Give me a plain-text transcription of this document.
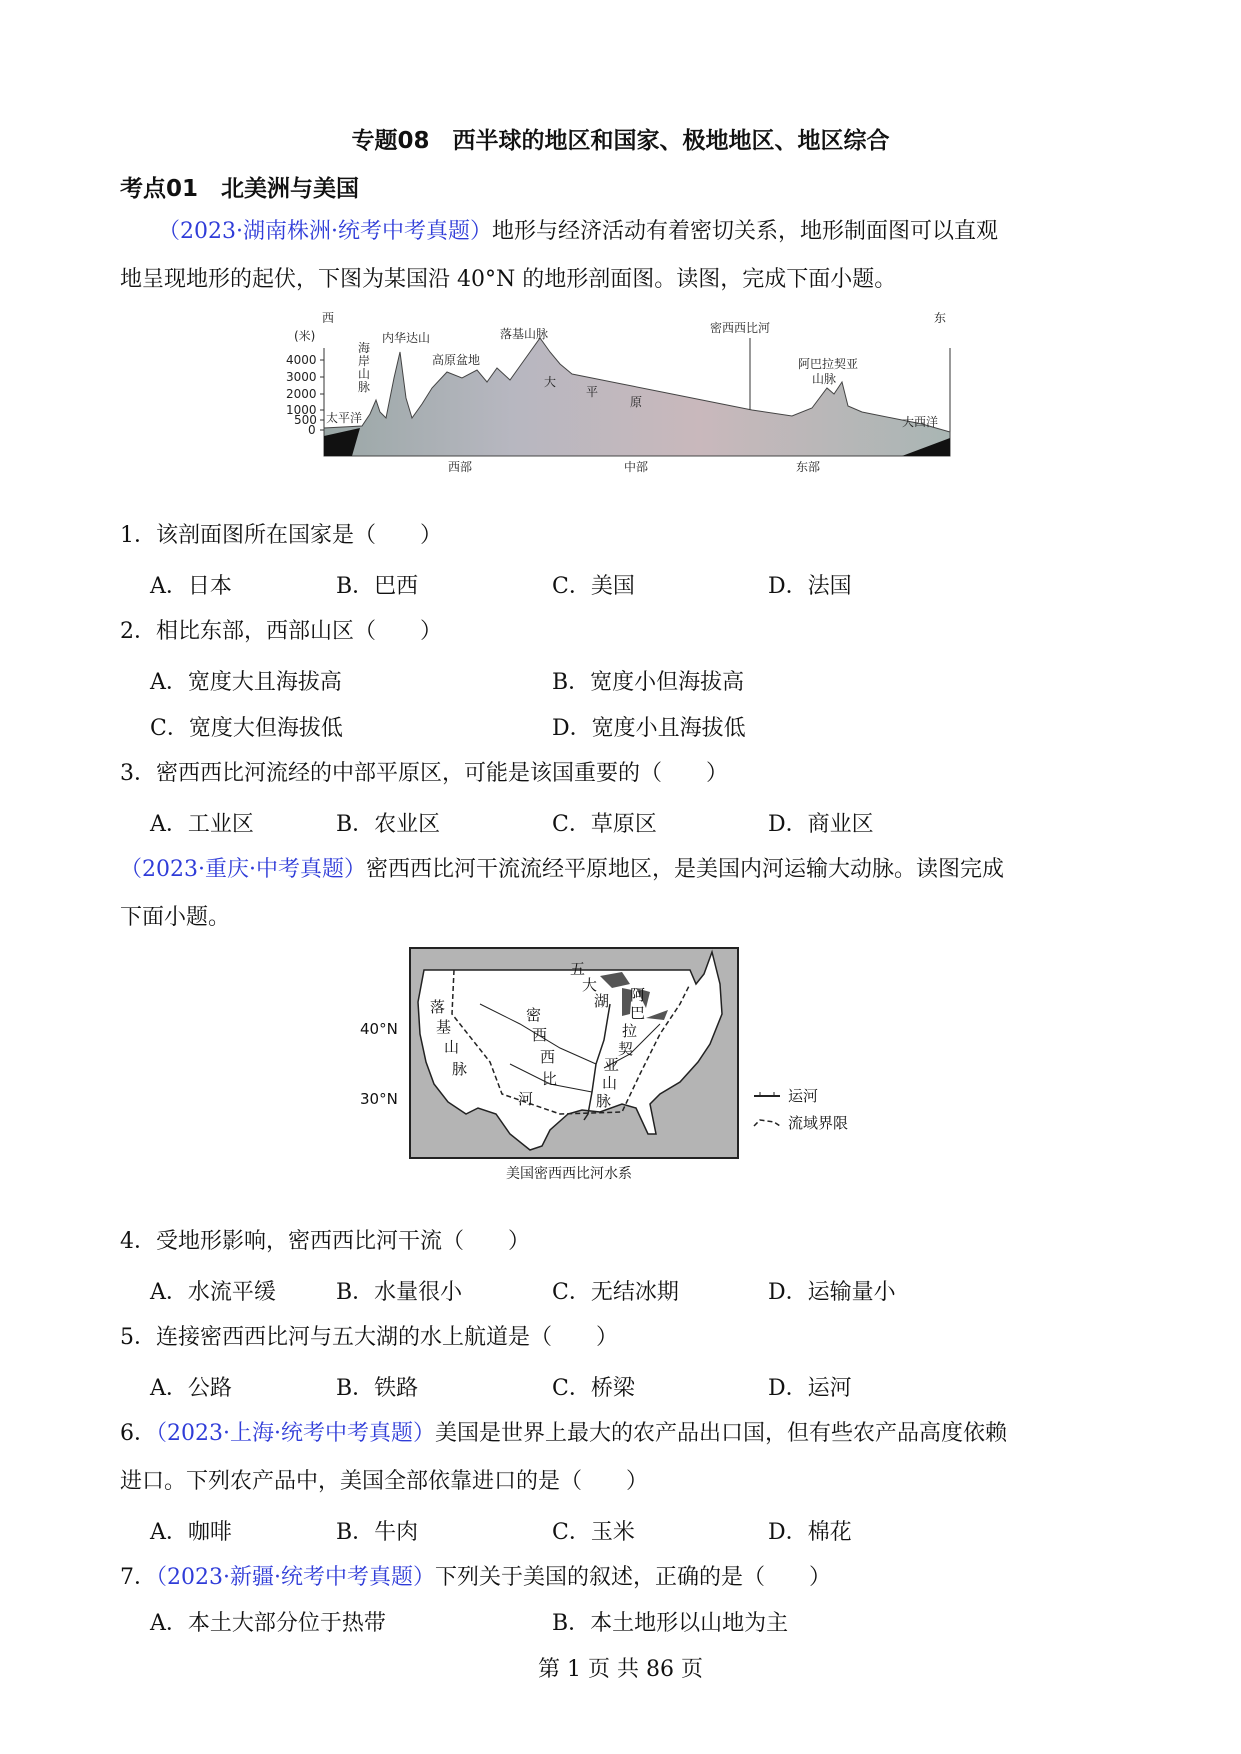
专题08　西半球的地区和国家、极地地区、地区综合
考点01　北美洲与美国
（2023·湖南株洲·统考中考真题）地形与经济活动有着密切关系，地形制面图可以直观
地呈现地形的起伏，下图为某国沿 40°N 的地形剖面图。读图，完成下面小题。
西	东
(米)
4000
3000
2000
1000
500
0
海
岸
山
脉
内华达山
高原盆地
落基山脉
大
平
原
密西西比河
阿巴拉契亚
山脉
太平洋	大西洋
西部	中部	东部
1．该剖面图所在国家是（　　）
A．日本	B．巴西	C．美国	D．法国
2．相比东部，西部山区（　　）
A．宽度大且海拔高	B．宽度小但海拔高
C．宽度大但海拔低	D．宽度小且海拔低
3．密西西比河流经的中部平原区，可能是该国重要的（　　）
A．工业区	B．农业区	C．草原区	D．商业区
（2023·重庆·中考真题）密西西比河干流流经平原地区，是美国内河运输大动脉。读图完成
下面小题。
40°N
30°N
落
基
山
脉
密
西
西
比
河
五
大
湖 阿
巴
拉
契
亚
山
脉	运河
流域界限
美国密西西比河水系
4．受地形影响，密西西比河干流（　　）
A．水流平缓	B．水量很小	C．无结冰期	D．运输量小
5．连接密西西比河与五大湖的水上航道是（　　）
A．公路	B．铁路	C．桥梁	D．运河
6．（2023·上海·统考中考真题）美国是世界上最大的农产品出口国，但有些农产品高度依赖
进口。下列农产品中，美国全部依靠进口的是（　　）
A．咖啡	B．牛肉	C．玉米	D．棉花
7．（2023·新疆·统考中考真题）下列关于美国的叙述，正确的是（　　）
A．本土大部分位于热带	B．本土地形以山地为主
第 1 页 共 86 页
